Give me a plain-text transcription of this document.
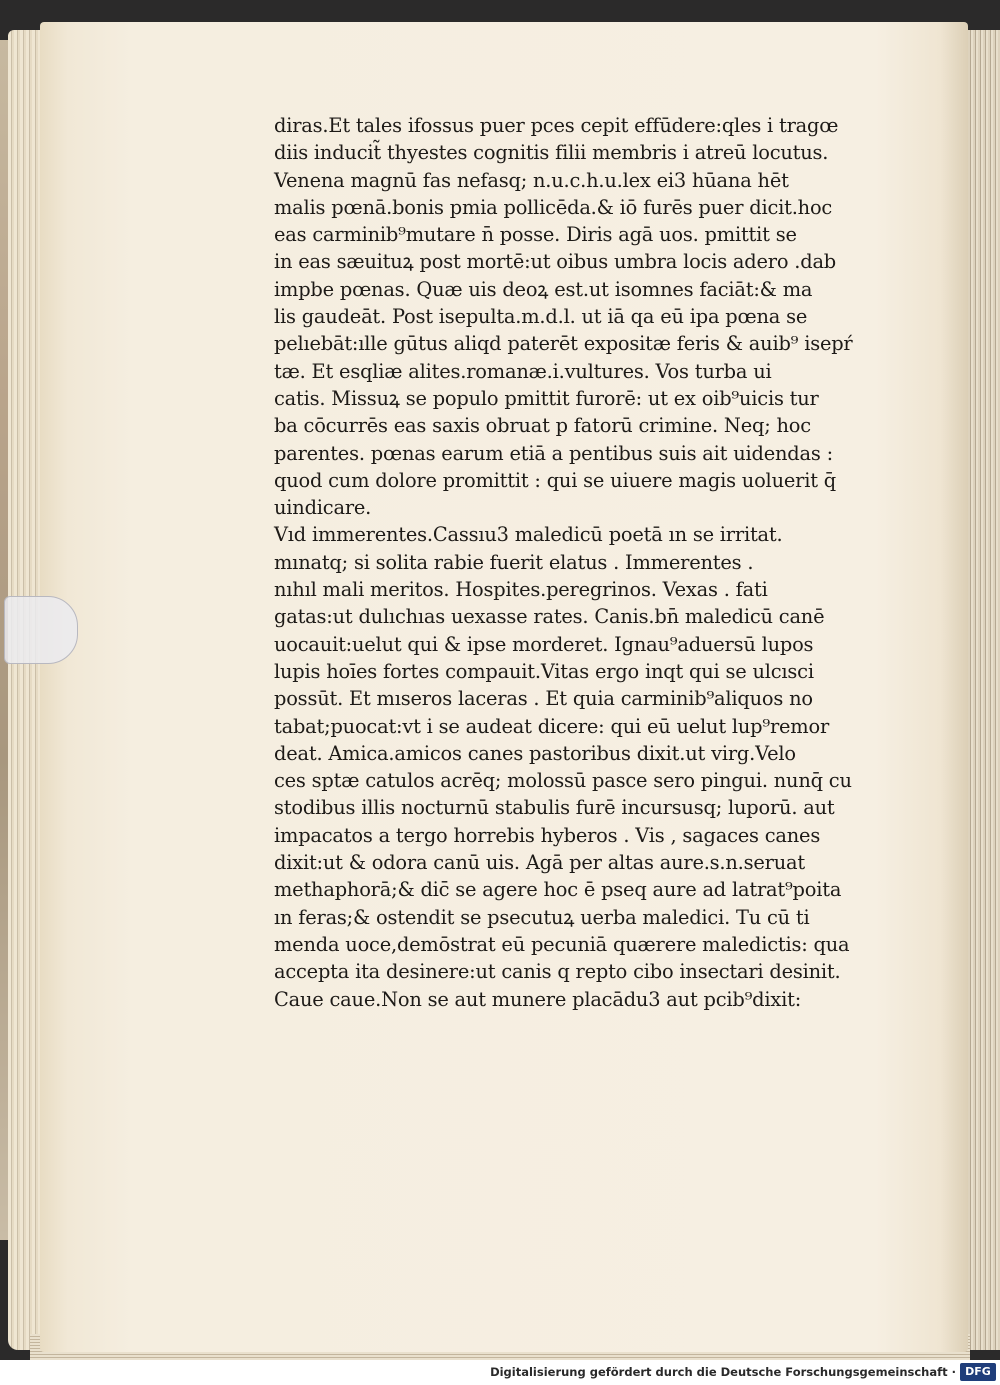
diras.Et tales ifossus puer pces cepit effūdere:qles i tragœ
diis inducit̃ thyestes cognitis filii membris i atreū locutus.
Venena magnū fas nefasq; n.u.c.h.u.lex ei3 hūana hēt
malis pœnā.bonis pmia pollicēda.& iō furēs puer dicit.hoc
eas carminib⁹mutare n̄ posse. Diris agā uos. pmittit se
in eas sæuituꝝ post mortē:ut oibus umbra locis adero .dab
impbe pœnas. Quæ uis deoꝝ est.ut isomnes faciāt:& ma
lis gaudeāt. Post isepulta.m.d.l. ut iā qa eū ipa pœna se
pelıebāt:ılle gūtus aliqd paterēt expositæ feris & auib⁹ isepŕ
tæ. Et esqliæ alites.romanæ.i.vultures. Vos turba ui
catis. Missuꝝ se populo pmittit furorē: ut ex oib⁹uicis tur
ba cōcurrēs eas saxis obruat p fatorū crimine. Neq; hoc
parentes. pœnas earum etiā a pentibus suis ait uidendas :
quod cum dolore promittit : qui se uiuere magis uoluerit q̄
uindicare.
Vıd immerentes.Cassıu3 maledicū poetā ın se irritat.
mınatq; si solita rabie fuerit elatus . Immerentes .
nıhıl mali meritos. Hospites.peregrinos. Vexas . fati
gatas:ut dulıchıas uexasse rates. Canis.bn̄ maledicū canē
uocauit:uelut qui & ipse morderet. Ignau⁹aduersū lupos
lupis hoīes fortes compauit.Vitas ergo inqt qui se ulcısci
possūt. Et mıseros laceras . Et quia carminib⁹aliquos no
tabat;puocat:vt i se audeat dicere: qui eū uelut lup⁹remor
deat. Amica.amicos canes pastoribus dixit.ut virg.Velo
ces sptæ catulos acrēq; molossū pasce sero pingui. nunq̄ cu
stodibus illis nocturnū stabulis furē incursusq; luporū. aut
impacatos a tergo horrebis hyberos . Vis , sagaces canes
dixit:ut & odora canū uis. Agā per altas aure.s.n.seruat
methaphorā;& dic̄ se agere hoc ē pseq aure ad latrat⁹poita
ın feras;& ostendit se psecutuꝝ uerba maledici. Tu cū ti
menda uoce,demōstrat eū pecuniā quærere maledictis: qua
accepta ita desinere:ut canis q repto cibo insectari desinit.
Caue caue.Non se aut munere placādu3 aut pcib⁹dixit:
Digitalisierung gefördert durch die Deutsche Forschungsgemeinschaft · DFG
